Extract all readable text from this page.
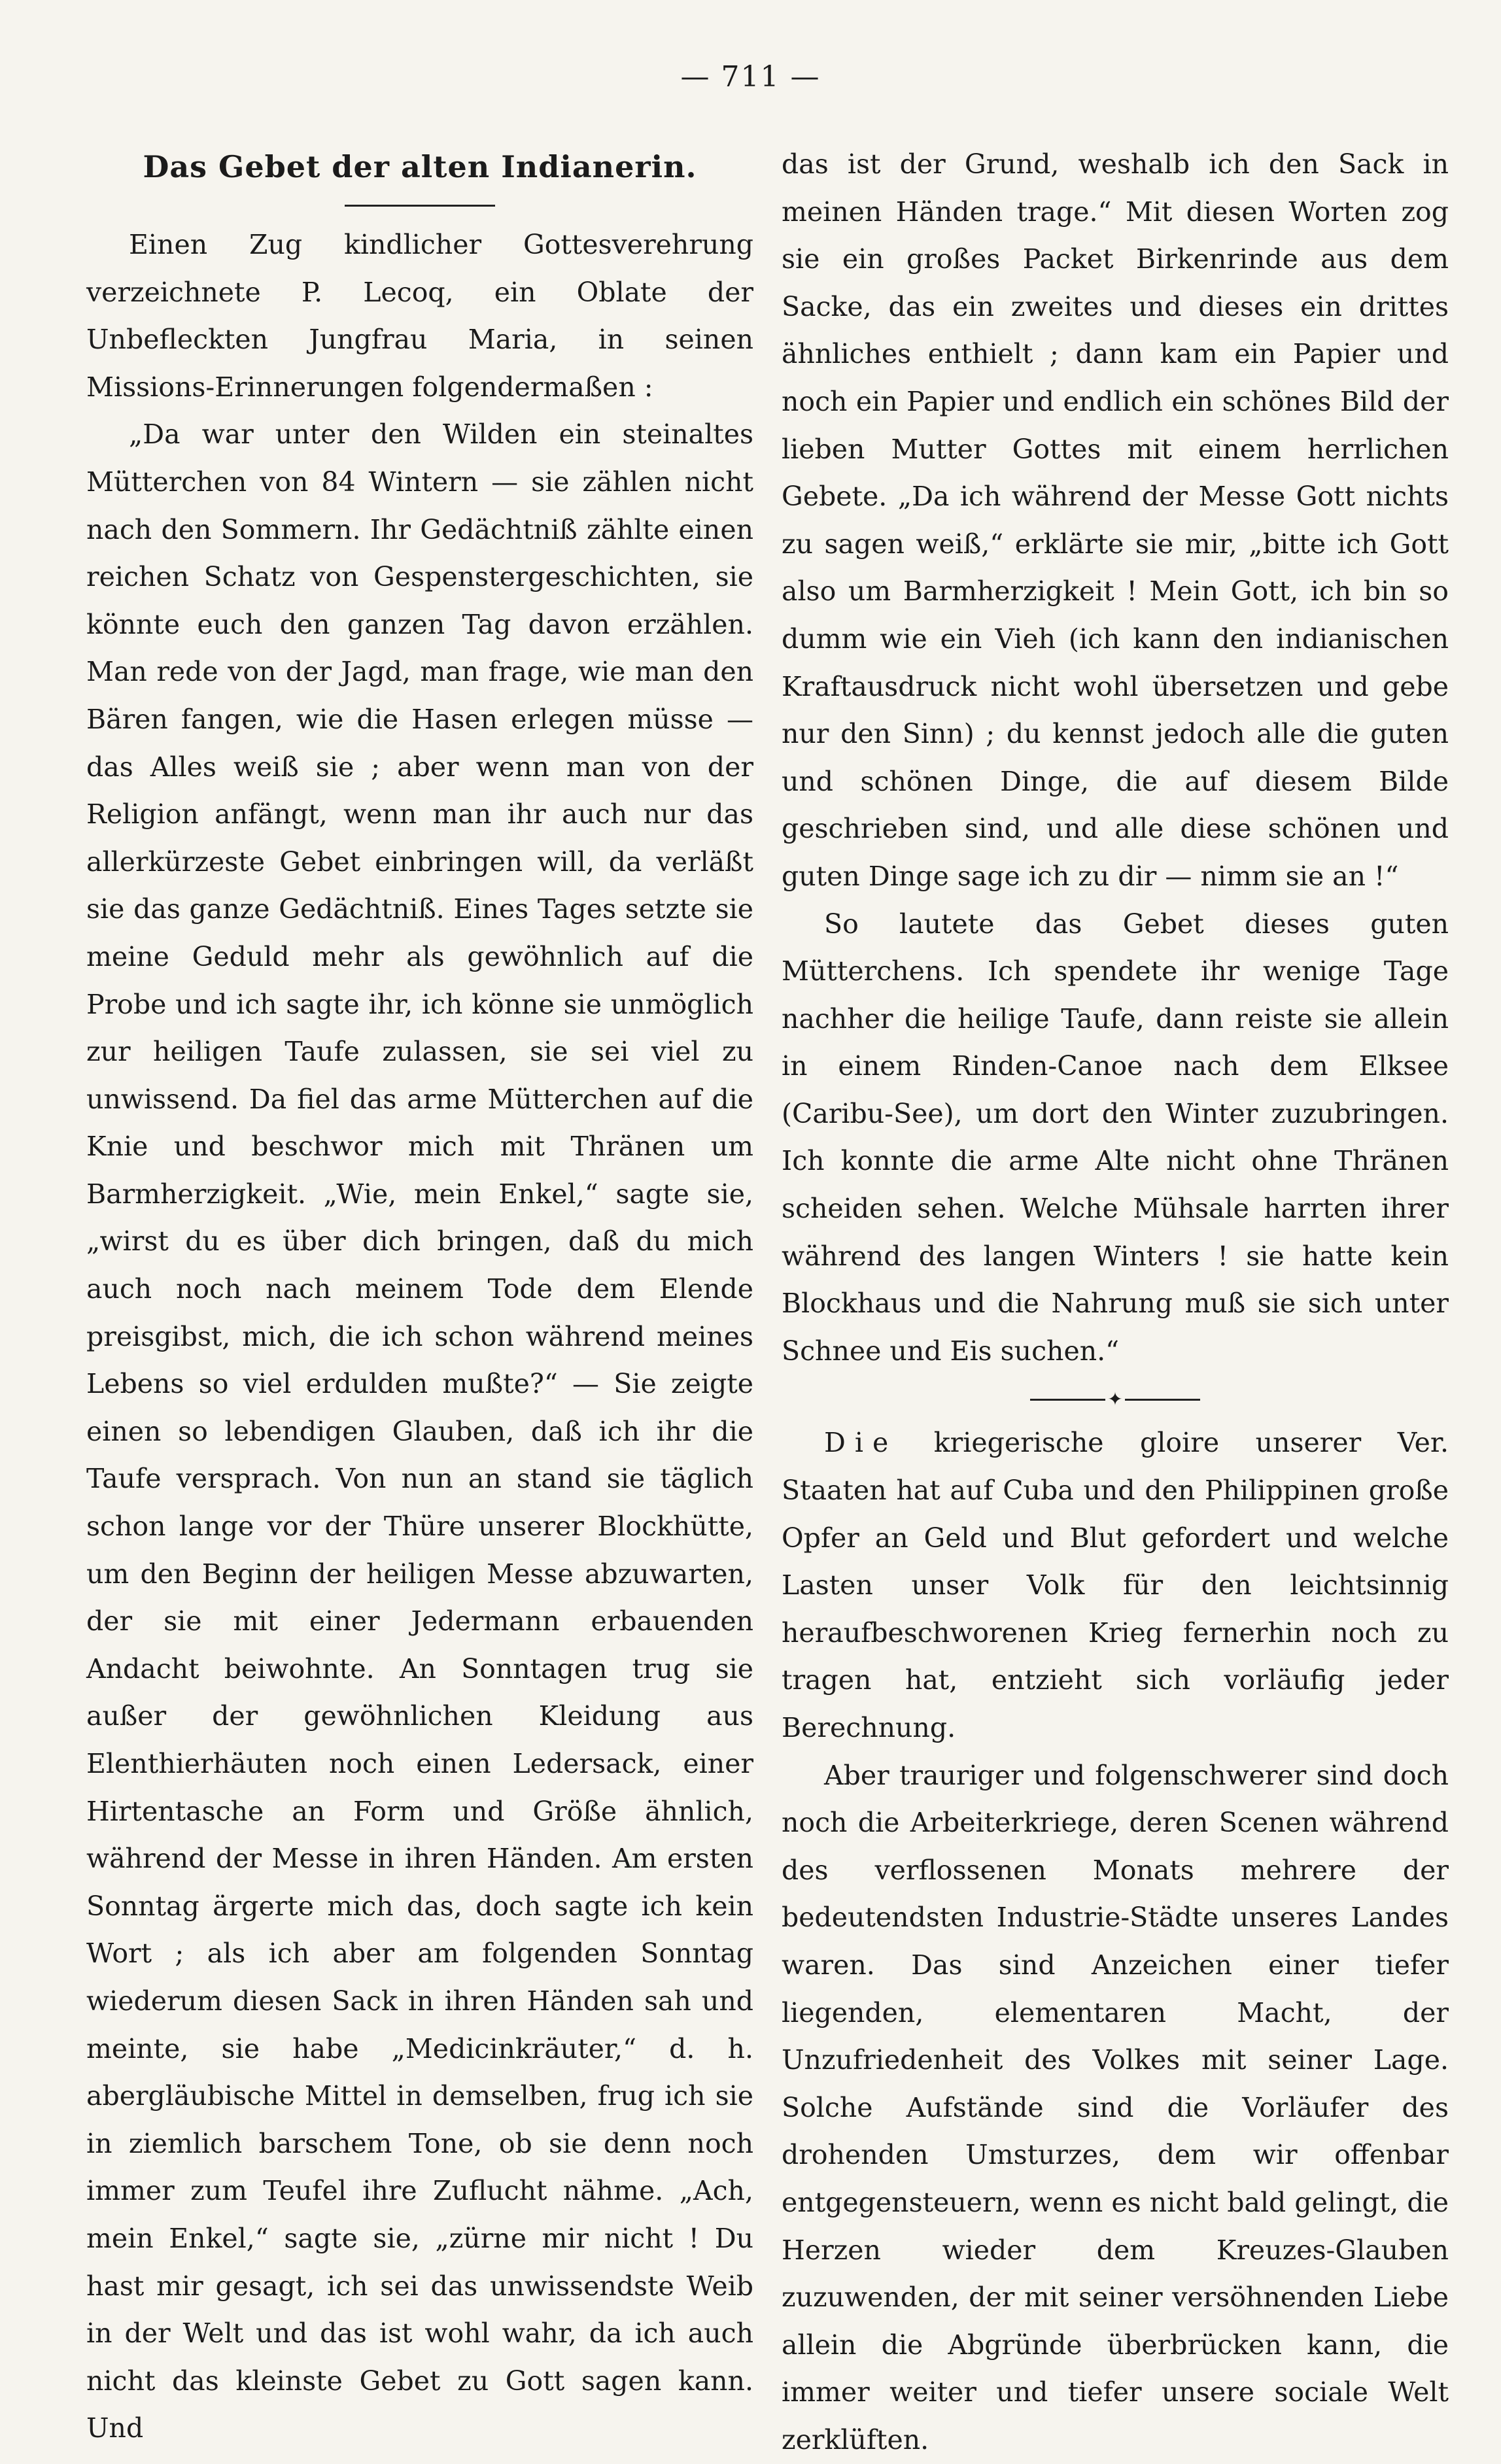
— 711 —
Das Gebet der alten Indianerin.

Einen Zug kindlicher Gottesverehrung verzeichnete P. Lecoq, ein Oblate der Unbefleckten Jungfrau Maria, in seinen Missions-Erinnerungen folgendermaßen :

„Da war unter den Wilden ein steinaltes Mütterchen von 84 Wintern — sie zählen nicht nach den Sommern. Ihr Gedächtniß zählte einen reichen Schatz von Gespenstergeschichten, sie könnte euch den ganzen Tag davon erzählen. Man rede von der Jagd, man frage, wie man den Bären fangen, wie die Hasen erlegen müsse — das Alles weiß sie ; aber wenn man von der Religion anfängt, wenn man ihr auch nur das allerkürzeste Gebet einbringen will, da verläßt sie das ganze Gedächtniß. Eines Tages setzte sie meine Geduld mehr als gewöhnlich auf die Probe und ich sagte ihr, ich könne sie unmöglich zur heiligen Taufe zulassen, sie sei viel zu unwissend. Da fiel das arme Mütterchen auf die Knie und beschwor mich mit Thränen um Barmherzigkeit. „Wie, mein Enkel,“ sagte sie, „wirst du es über dich bringen, daß du mich auch noch nach meinem Tode dem Elende preisgibst, mich, die ich schon während meines Lebens so viel erdulden mußte?“ — Sie zeigte einen so lebendigen Glauben, daß ich ihr die Taufe versprach. Von nun an stand sie täglich schon lange vor der Thüre unserer Blockhütte, um den Beginn der heiligen Messe abzuwarten, der sie mit einer Jedermann erbauenden Andacht beiwohnte. An Sonntagen trug sie außer der gewöhnlichen Kleidung aus Elenthierhäuten noch einen Ledersack, einer Hirtentasche an Form und Größe ähnlich, während der Messe in ihren Händen. Am ersten Sonntag ärgerte mich das, doch sagte ich kein Wort ; als ich aber am folgenden Sonntag wiederum diesen Sack in ihren Händen sah und meinte, sie habe „Medicinkräuter,“ d. h. abergläubische Mittel in demselben, frug ich sie in ziemlich barschem Tone, ob sie denn noch immer zum Teufel ihre Zuflucht nähme. „Ach, mein Enkel,“ sagte sie, „zürne mir nicht ! Du hast mir gesagt, ich sei das unwissendste Weib in der Welt und das ist wohl wahr, da ich auch nicht das kleinste Gebet zu Gott sagen kann. Und

das ist der Grund, weshalb ich den Sack in meinen Händen trage.“ Mit diesen Worten zog sie ein großes Packet Birkenrinde aus dem Sacke, das ein zweites und dieses ein drittes ähnliches enthielt ; dann kam ein Papier und noch ein Papier und endlich ein schönes Bild der lieben Mutter Gottes mit einem herrlichen Gebete. „Da ich während der Messe Gott nichts zu sagen weiß,“ erklärte sie mir, „bitte ich Gott also um Barmherzigkeit ! Mein Gott, ich bin so dumm wie ein Vieh (ich kann den indianischen Kraftausdruck nicht wohl übersetzen und gebe nur den Sinn) ; du kennst jedoch alle die guten und schönen Dinge, die auf diesem Bilde geschrieben sind, und alle diese schönen und guten Dinge sage ich zu dir — nimm sie an !“

So lautete das Gebet dieses guten Mütterchens. Ich spendete ihr wenige Tage nachher die heilige Taufe, dann reiste sie allein in einem Rinden-Canoe nach dem Elksee (Caribu-See), um dort den Winter zuzubringen. Ich konnte die arme Alte nicht ohne Thränen scheiden sehen. Welche Mühsale harrten ihrer während des langen Winters ! sie hatte kein Blockhaus und die Nahrung muß sie sich unter Schnee und Eis suchen.“

✦

Die kriegerische gloire unserer Ver. Staaten hat auf Cuba und den Philippinen große Opfer an Geld und Blut gefordert und welche Lasten unser Volk für den leichtsinnig heraufbeschworenen Krieg fernerhin noch zu tragen hat, entzieht sich vorläufig jeder Berechnung.

Aber trauriger und folgenschwerer sind doch noch die Arbeiterkriege, deren Scenen während des verflossenen Monats mehrere der bedeutendsten Industrie-Städte unseres Landes waren. Das sind Anzeichen einer tiefer liegenden, elementaren Macht, der Unzufriedenheit des Volkes mit seiner Lage. Solche Aufstände sind die Vorläufer des drohenden Umsturzes, dem wir offenbar entgegensteuern, wenn es nicht bald gelingt, die Herzen wieder dem Kreuzes-Glauben zuzuwenden, der mit seiner versöhnenden Liebe allein die Abgründe überbrücken kann, die immer weiter und tiefer unsere sociale Welt zerklüften.
